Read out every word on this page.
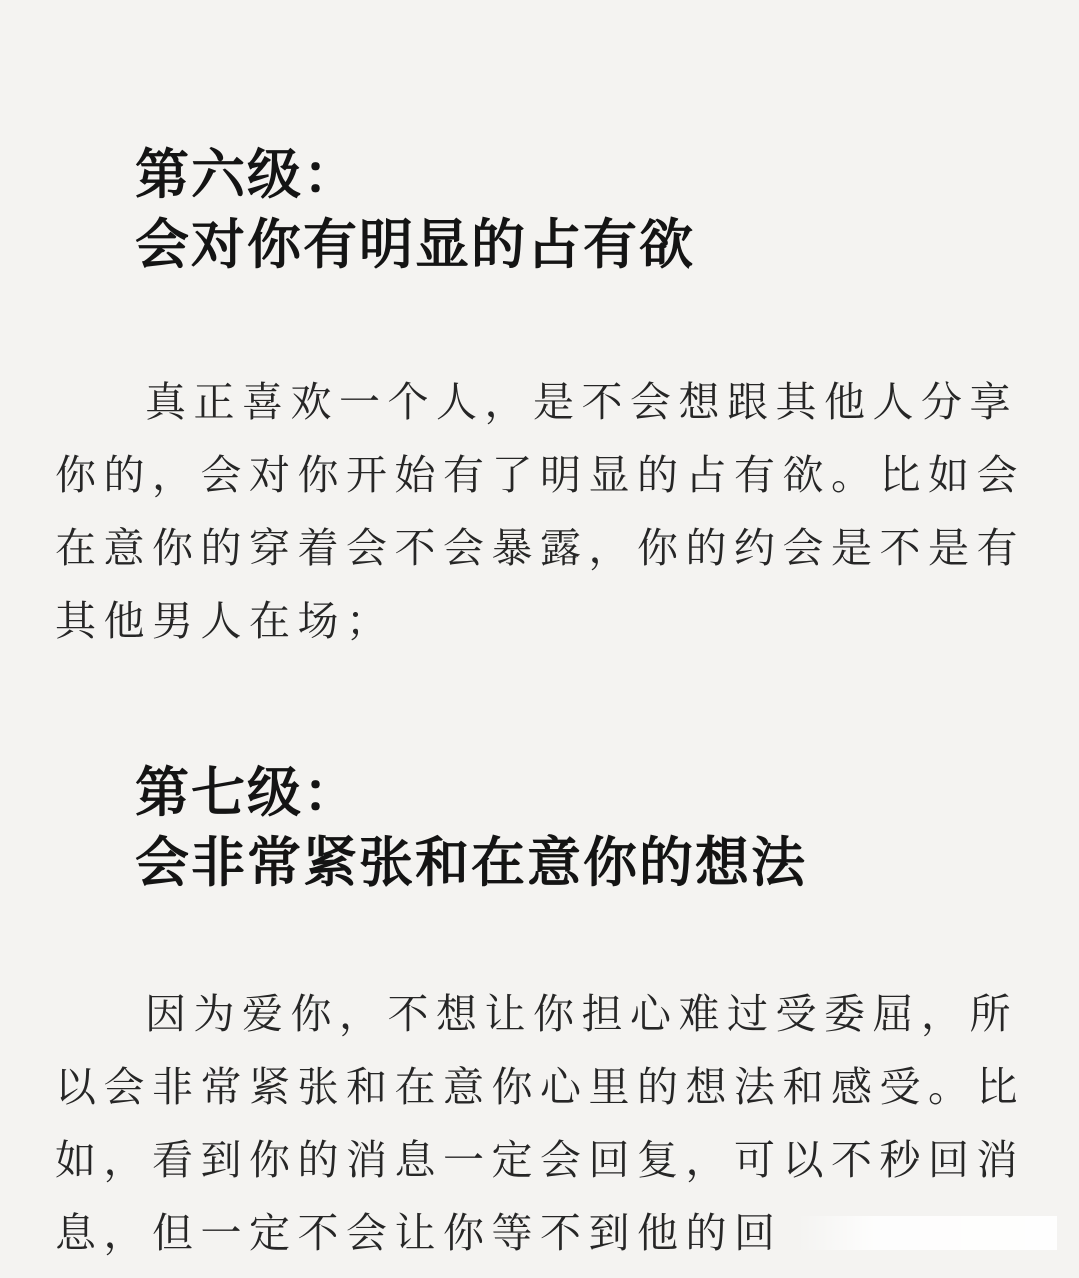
第六级：
会对你有明显的占有欲

真正喜欢一个人，是不会想跟其他人分享你的，会对你开始有了明显的占有欲。比如会在意你的穿着会不会暴露，你的约会是不是有其他男人在场；

第七级：
会非常紧张和在意你的想法

因为爱你，不想让你担心难过受委屈，所以会非常紧张和在意你心里的想法和感受。比如，看到你的消息一定会回复，可以不秒回消息，但一定不会让你等不到他的回
